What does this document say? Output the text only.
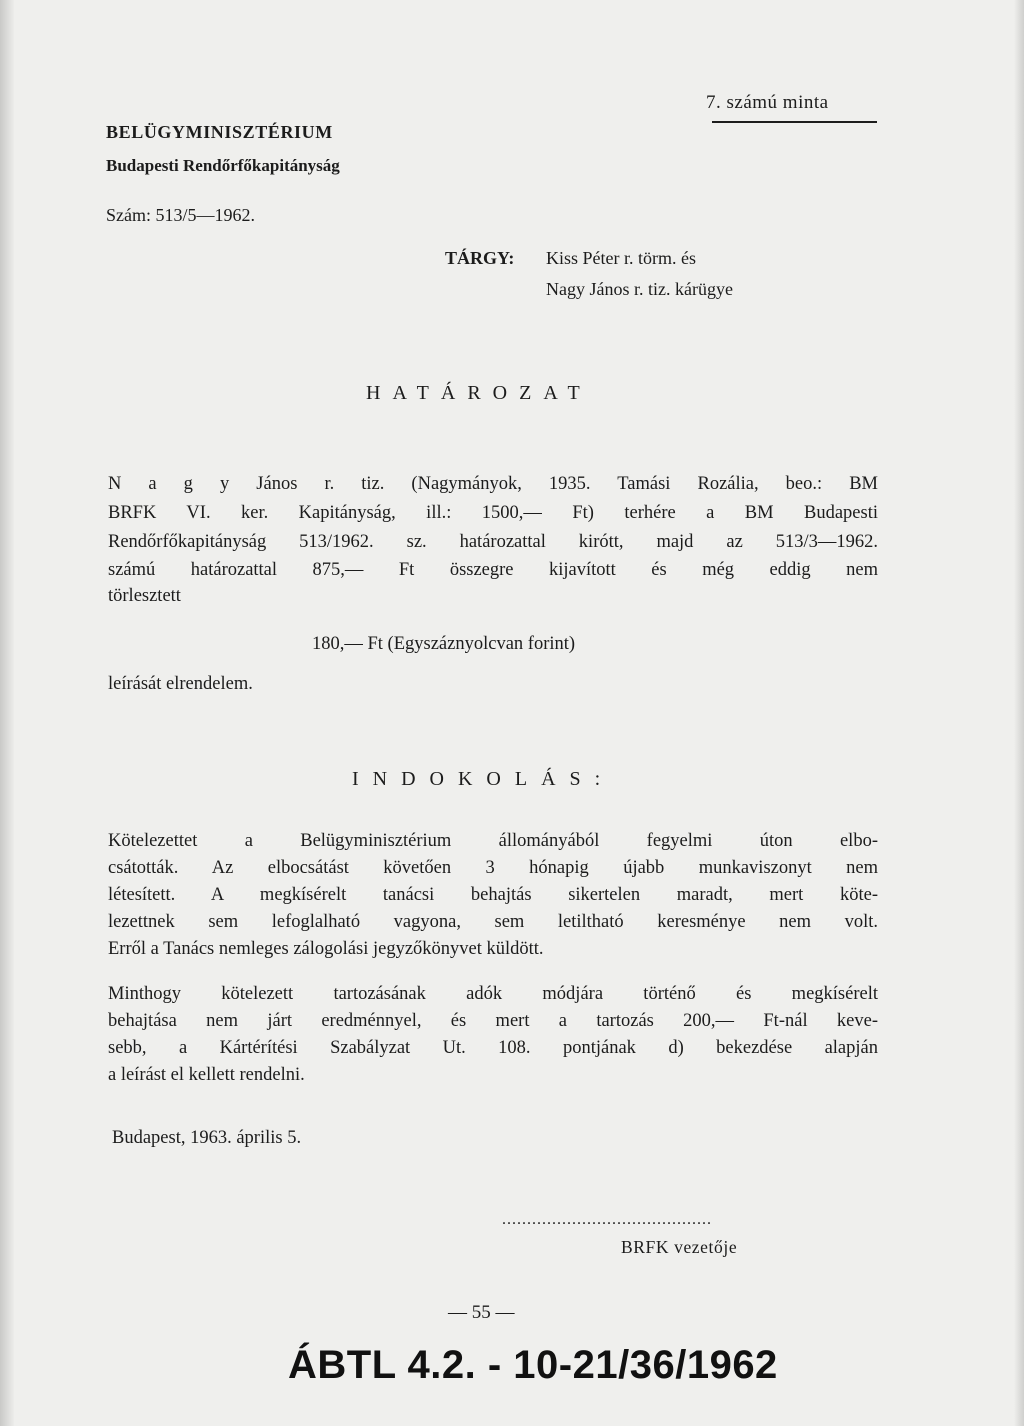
7. számú minta
BELÜGYMINISZTÉRIUM
Budapesti Rendőrfőkapitányság
Szám: 513/5—1962.
TÁRGY: Kiss Péter r. törm. és
Nagy János r. tiz. kárügye
HATÁROZAT
N a g y János r. tiz. (Nagymányok, 1935. Tamási Rozália, beo.: BM
BRFK VI. ker. Kapitányság, ill.: 1500,— Ft) terhére a BM Budapesti
Rendőrfőkapitányság 513/1962. sz. határozattal kirótt, majd az 513/3—1962.
számú határozattal 875,— Ft összegre kijavított és még eddig nem
törlesztett
180,— Ft (Egyszáznyolcvan forint)
leírását elrendelem.
INDOKOLÁS:
Kötelezettet a Belügyminisztérium állományából fegyelmi úton elbo-
csátották. Az elbocsátást követően 3 hónapig újabb munkaviszonyt nem
létesített. A megkísérelt tanácsi behajtás sikertelen maradt, mert köte-
lezettnek sem lefoglalható vagyona, sem letiltható keresménye nem volt.
Erről a Tanács nemleges zálogolási jegyzőkönyvet küldött.
Minthogy kötelezett tartozásának adók módjára történő és megkísérelt
behajtása nem járt eredménnyel, és mert a tartozás 200,— Ft-nál keve-
sebb, a Kártérítési Szabályzat Ut. 108. pontjának d) bekezdése alapján
a leírást el kellett rendelni.
Budapest, 1963. április 5.
..........................................
BRFK vezetője
— 55 —
ÁBTL 4.2. - 10-21/36/1962
